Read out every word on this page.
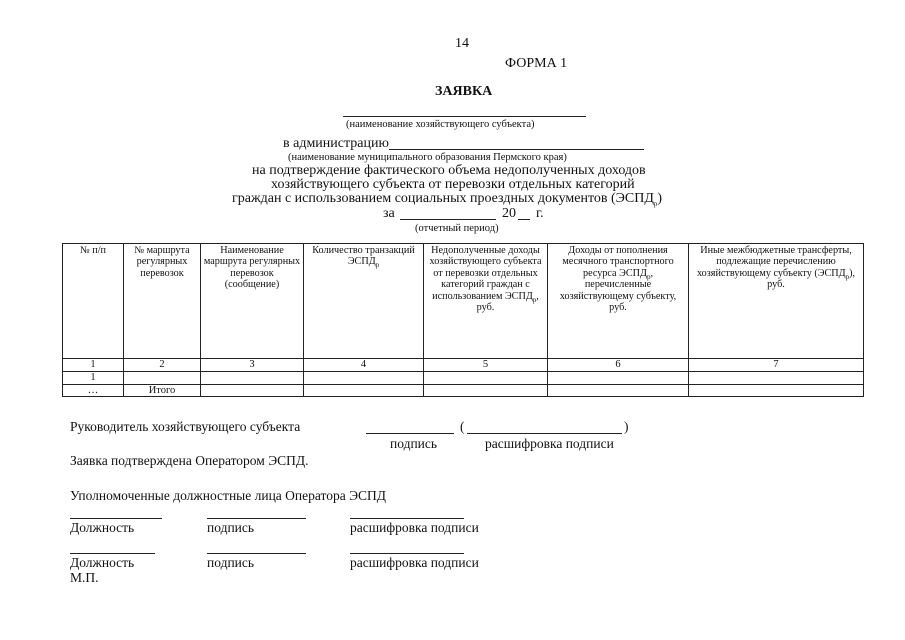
14
ФОРМА 1
ЗАЯВКА
(наименование хозяйствующего субъекта)
в администрацию
(наименование муниципального образования Пермского края)
на подтверждение фактического объема недополученных доходов
хозяйствующего субъекта от перевозки отдельных категорий
граждан с использованием социальных проездных документов $(ЭСПД_р)$
за	20 г.
(отчетный период)
№ п/п	№ маршрута регулярных перевозок	Наименование маршрута регулярных перевозок (сообщение)	Количество транзакций $ЭСПД_р$	Недополученные доходы хозяйствующего субъекта от перевозки отдельных категорий граждан с использованием $ЭСПД_р$, руб.	Доходы от пополнения месячного транспортного ресурса $ЭСПД_р$, перечисленные хозяйствующему субъекту, руб.	Иные межбюджетные трансферты, подлежащие перечислению хозяйствующему субъекту $(ЭСПД_р)$, руб.
1	2	3	4	5	6	7
1						
…	Итого					
Руководитель хозяйствующего субъекта	(	)
подпись	расшифровка подписи
Заявка подтверждена Оператором ЭСПД.
Уполномоченные должностные лица Оператора ЭСПД
Должность	подпись	расшифровка подписи
Должность	подпись	расшифровка подписи
М.П.
